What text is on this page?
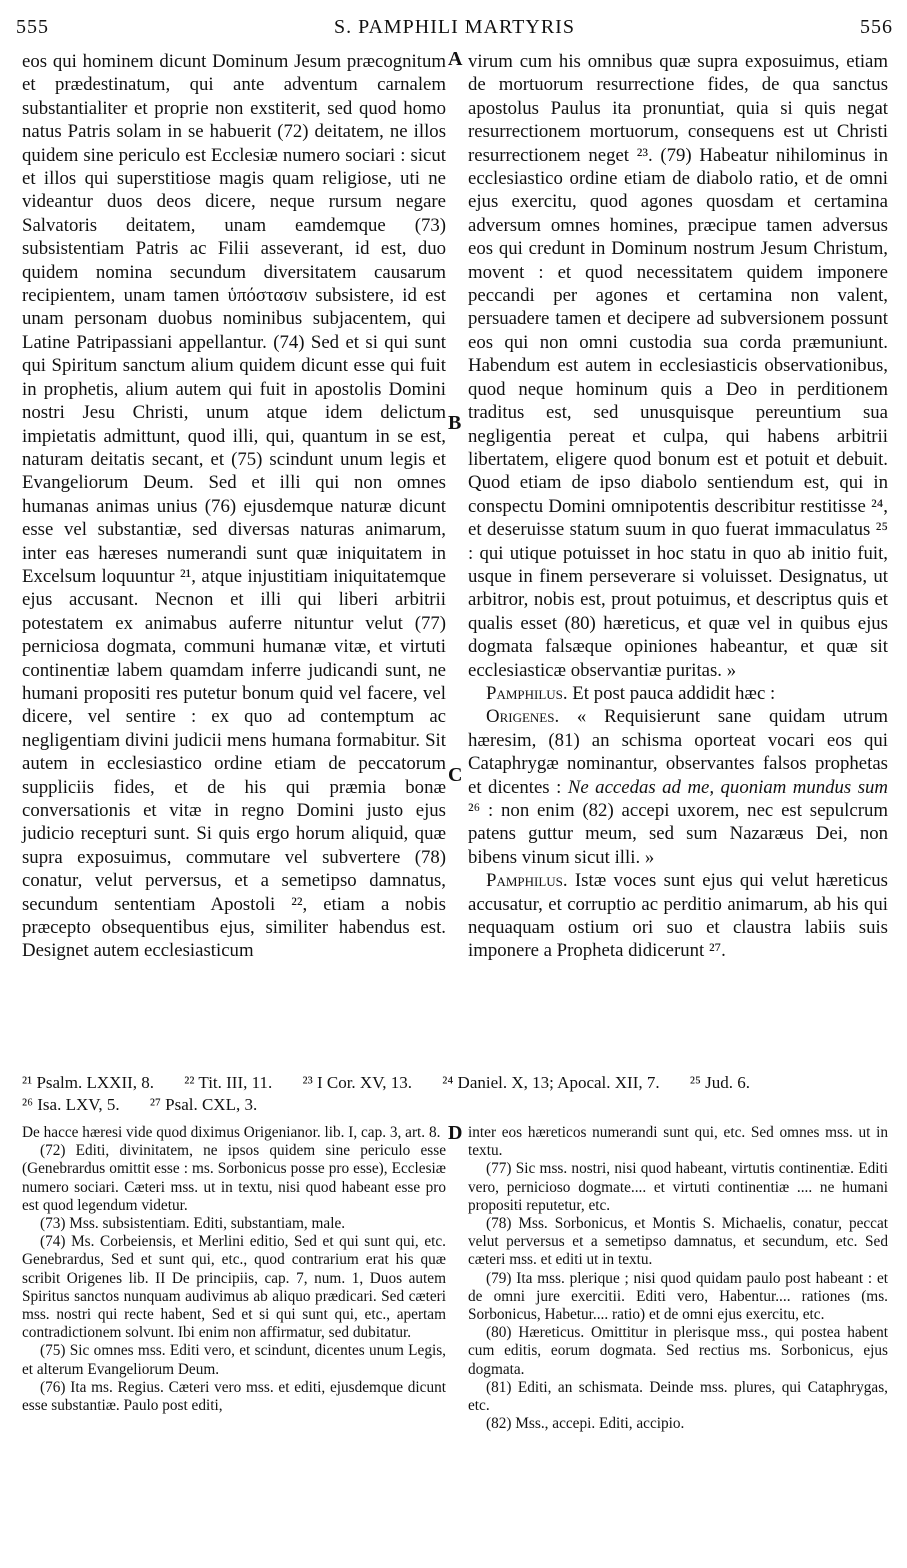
555	S. PAMPHILI MARTYRIS	556
A
B
C
D

eos qui hominem dicunt Dominum Jesum præcognitum et prædestinatum, qui ante adventum carnalem substantialiter et proprie non exstiterit, sed quod homo natus Patris solam in se habuerit (72) deitatem, ne illos quidem sine periculo est Ecclesiæ numero sociari : sicut et illos qui superstitiose magis quam religiose, uti ne videantur duos deos dicere, neque rursum negare Salvatoris deitatem, unam eamdemque (73) subsistentiam Patris ac Filii asseverant, id est, duo quidem nomina secundum diversitatem causarum recipientem, unam tamen ὑπόστασιν subsistere, id est unam personam duobus nominibus subjacentem, qui Latine Patripassiani appellantur. (74) Sed et si qui sunt qui Spiritum sanctum alium quidem dicunt esse qui fuit in prophetis, alium autem qui fuit in apostolis Domini nostri Jesu Christi, unum atque idem delictum impietatis admittunt, quod illi, qui, quantum in se est, naturam deitatis secant, et (75) scindunt unum legis et Evangeliorum Deum. Sed et illi qui non omnes humanas animas unius (76) ejusdemque naturæ dicunt esse vel substantiæ, sed diversas naturas animarum, inter eas hæreses numerandi sunt quæ iniquitatem in Excelsum loquuntur ²¹, atque injustitiam iniquitatemque ejus accusant. Necnon et illi qui liberi arbitrii potestatem ex animabus auferre nituntur velut (77) perniciosa dogmata, communi humanæ vitæ, et virtuti continentiæ labem quamdam inferre judicandi sunt, ne humani propositi res putetur bonum quid vel facere, vel dicere, vel sentire : ex quo ad contemptum ac negligentiam divini judicii mens humana formabitur. Sit autem in ecclesiastico ordine etiam de peccatorum suppliciis fides, et de his qui præmia bonæ conversationis et vitæ in regno Domini justo ejus judicio recepturi sunt. Si quis ergo horum aliquid, quæ supra exposuimus, commutare vel subvertere (78) conatur, velut perversus, et a semetipso damnatus, secundum sententiam Apostoli ²², etiam a nobis præcepto obsequentibus ejus, similiter habendus est. Designet autem ecclesiasticum

virum cum his omnibus quæ supra exposuimus, etiam de mortuorum resurrectione fides, de qua sanctus apostolus Paulus ita pronuntiat, quia si quis negat resurrectionem mortuorum, consequens est ut Christi resurrectionem neget ²³. (79) Habeatur nihilominus in ecclesiastico ordine etiam de diabolo ratio, et de omni ejus exercitu, quod agones quosdam et certamina adversum omnes homines, præcipue tamen adversus eos qui credunt in Dominum nostrum Jesum Christum, movent : et quod necessitatem quidem imponere peccandi per agones et certamina non valent, persuadere tamen et decipere ad subversionem possunt eos qui non omni custodia sua corda præmuniunt. Habendum est autem in ecclesiasticis observationibus, quod neque hominum quis a Deo in perditionem traditus est, sed unusquisque pereuntium sua negligentia pereat et culpa, qui habens arbitrii libertatem, eligere quod bonum est et potuit et debuit. Quod etiam de ipso diabolo sentiendum est, qui in conspectu Domini omnipotentis describitur restitisse ²⁴, et deseruisse statum suum in quo fuerat immaculatus ²⁵ : qui utique potuisset in hoc statu in quo ab initio fuit, usque in finem perseverare si voluisset. Designatus, ut arbitror, nobis est, prout potuimus, et descriptus quis et qualis esset (80) hæreticus, et quæ vel in quibus ejus dogmata falsæque opiniones habeantur, et quæ sit ecclesiasticæ observantiæ puritas. »

Pamphilus. Et post pauca addidit hæc :

Origenes. « Requisierunt sane quidam utrum hæresim, (81) an schisma oporteat vocari eos qui Cataphrygæ nominantur, observantes falsos prophetas et dicentes : Ne accedas ad me, quoniam mundus sum ²⁶ : non enim (82) accepi uxorem, nec est sepulcrum patens guttur meum, sed sum Nazaræus Dei, non bibens vinum sicut illi. »

Pamphilus. Istæ voces sunt ejus qui velut hæreticus accusatur, et corruptio ac perditio animarum, ab his qui nequaquam ostium ori suo et claustra labiis suis imponere a Propheta didicerunt ²⁷.

²¹ Psalm. LXXII, 8. ²² Tit. III, 11. ²³ I Cor. XV, 13. ²⁴ Daniel. X, 13; Apocal. XII, 7. ²⁵ Jud. 6.
²⁶ Isa. LXV, 5. ²⁷ Psal. CXL, 3.

De hacce hæresi vide quod diximus Origenianor. lib. I, cap. 3, art. 8.

(72) Editi, divinitatem, ne ipsos quidem sine periculo esse (Genebrardus omittit esse : ms. Sorbonicus posse pro esse), Ecclesiæ numero sociari. Cæteri mss. ut in textu, nisi quod habeant esse pro est quod legendum videtur.

(73) Mss. subsistentiam. Editi, substantiam, male.

(74) Ms. Corbeiensis, et Merlini editio, Sed et qui sunt qui, etc. Genebrardus, Sed et sunt qui, etc., quod contrarium erat his quæ scribit Origenes lib. II De principiis, cap. 7, num. 1, Duos autem Spiritus sanctos nunquam audivimus ab aliquo prædicari. Sed cæteri mss. nostri qui recte habent, Sed et si qui sunt qui, etc., apertam contradictionem solvunt. Ibi enim non affirmatur, sed dubitatur.

(75) Sic omnes mss. Editi vero, et scindunt, dicentes unum Legis, et alterum Evangeliorum Deum.

(76) Ita ms. Regius. Cæteri vero mss. et editi, ejusdemque dicunt esse substantiæ. Paulo post editi,

inter eos hæreticos numerandi sunt qui, etc. Sed omnes mss. ut in textu.

(77) Sic mss. nostri, nisi quod habeant, virtutis continentiæ. Editi vero, pernicioso dogmate.... et virtuti continentiæ .... ne humani propositi reputetur, etc.

(78) Mss. Sorbonicus, et Montis S. Michaelis, conatur, peccat velut perversus et a semetipso damnatus, et secundum, etc. Sed cæteri mss. et editi ut in textu.

(79) Ita mss. plerique ; nisi quod quidam paulo post habeant : et de omni jure exercitii. Editi vero, Habentur.... rationes (ms. Sorbonicus, Habetur.... ratio) et de omni ejus exercitu, etc.

(80) Hæreticus. Omittitur in plerisque mss., qui postea habent cum editis, eorum dogmata. Sed rectius ms. Sorbonicus, ejus dogmata.

(81) Editi, an schismata. Deinde mss. plures, qui Cataphrygas, etc.

(82) Mss., accepi. Editi, accipio.
